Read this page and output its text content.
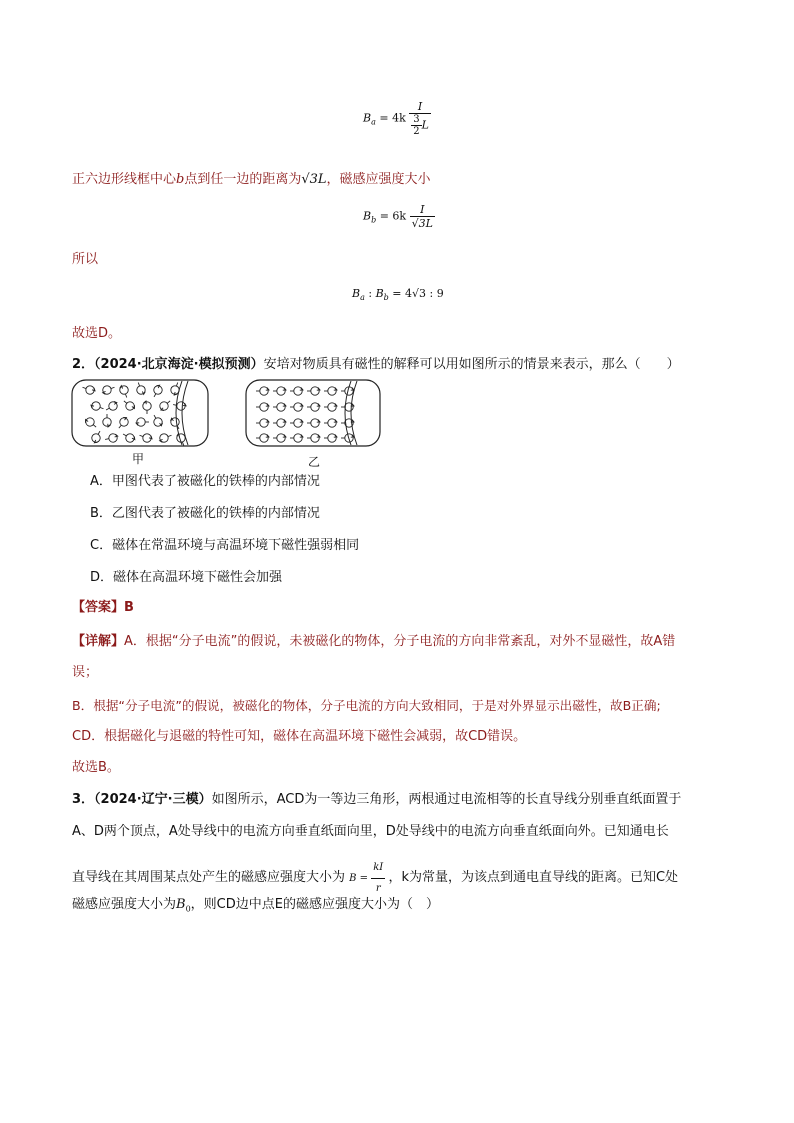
$B_a = 4k \frac{I}{\frac{3}{2} L}$
正六边形线框中心b点到任一边的距离为√3L，磁感应强度大小
$B_b = 6k \frac{I}{√3L}$
所以
$B_a$ : $B_b = 4√3$ : 9
故选D。
2．（2024·北京海淀·模拟预测）安培对物质具有磁性的解释可以用如图所示的情景来表示，那么（　　）
甲	乙
A．甲图代表了被磁化的铁棒的内部情况
B．乙图代表了被磁化的铁棒的内部情况
C．磁体在常温环境与高温环境下磁性强弱相同
D．磁体在高温环境下磁性会加强
【答案】B
【详解】A．根据“分子电流”的假说，未被磁化的物体，分子电流的方向非常紊乱，对外不显磁性，故A错
误；
B．根据“分子电流”的假说，被磁化的物体，分子电流的方向大致相同，于是对外界显示出磁性，故B正确;
CD．根据磁化与退磁的特性可知，磁体在高温环境下磁性会减弱，故CD错误。
故选B。
3．（2024·辽宁·三模）如图所示，ACD为一等边三角形，两根通过电流相等的长直导线分别垂直纸面置于
A、D两个顶点，A处导线中的电流方向垂直纸面向里，D处导线中的电流方向垂直纸面向外。已知通电长
直导线在其周围某点处产生的磁感应强度大小为 $B = \frac{kI}{r}$ ，k为常量，为该点到通电直导线的距离。已知C处
磁感应强度大小为$B_0$，则CD边中点E的磁感应强度大小为（　）
